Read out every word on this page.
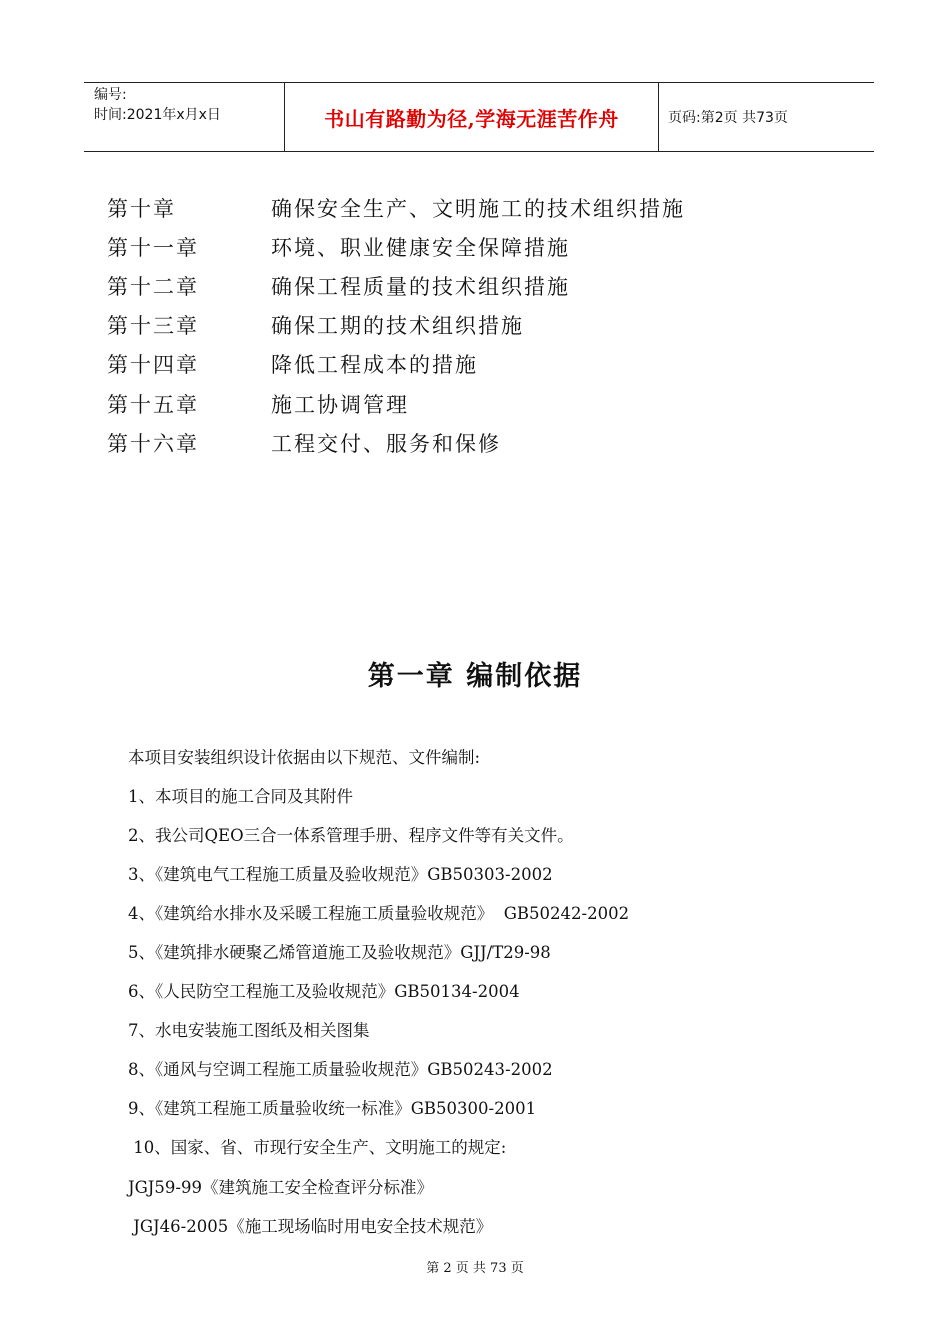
编号:
时间:2021年x月x日	书山有路勤为径,学海无涯苦作舟	页码:第2页 共73页
第十章	确保安全生产、文明施工的技术组织措施
第十一章	环境、职业健康安全保障措施
第十二章	确保工程质量的技术组织措施
第十三章	确保工期的技术组织措施
第十四章	降低工程成本的措施
第十五章	施工协调管理
第十六章	工程交付、服务和保修
第一章 编制依据
本项目安装组织设计依据由以下规范、文件编制:
1、本项目的施工合同及其附件
2、我公司QEO三合一体系管理手册、程序文件等有关文件。
3、《建筑电气工程施工质量及验收规范》GB50303-2002
4、《建筑给水排水及采暖工程施工质量验收规范》  GB50242-2002
5、《建筑排水硬聚乙烯管道施工及验收规范》GJJ/T29-98
6、《人民防空工程施工及验收规范》GB50134-2004
7、水电安装施工图纸及相关图集
8、《通风与空调工程施工质量验收规范》GB50243-2002
9、《建筑工程施工质量验收统一标准》GB50300-2001
10、国家、省、市现行安全生产、文明施工的规定:
JGJ59-99《建筑施工安全检查评分标准》
JGJ46-2005《施工现场临时用电安全技术规范》
第 2 页 共 73 页
